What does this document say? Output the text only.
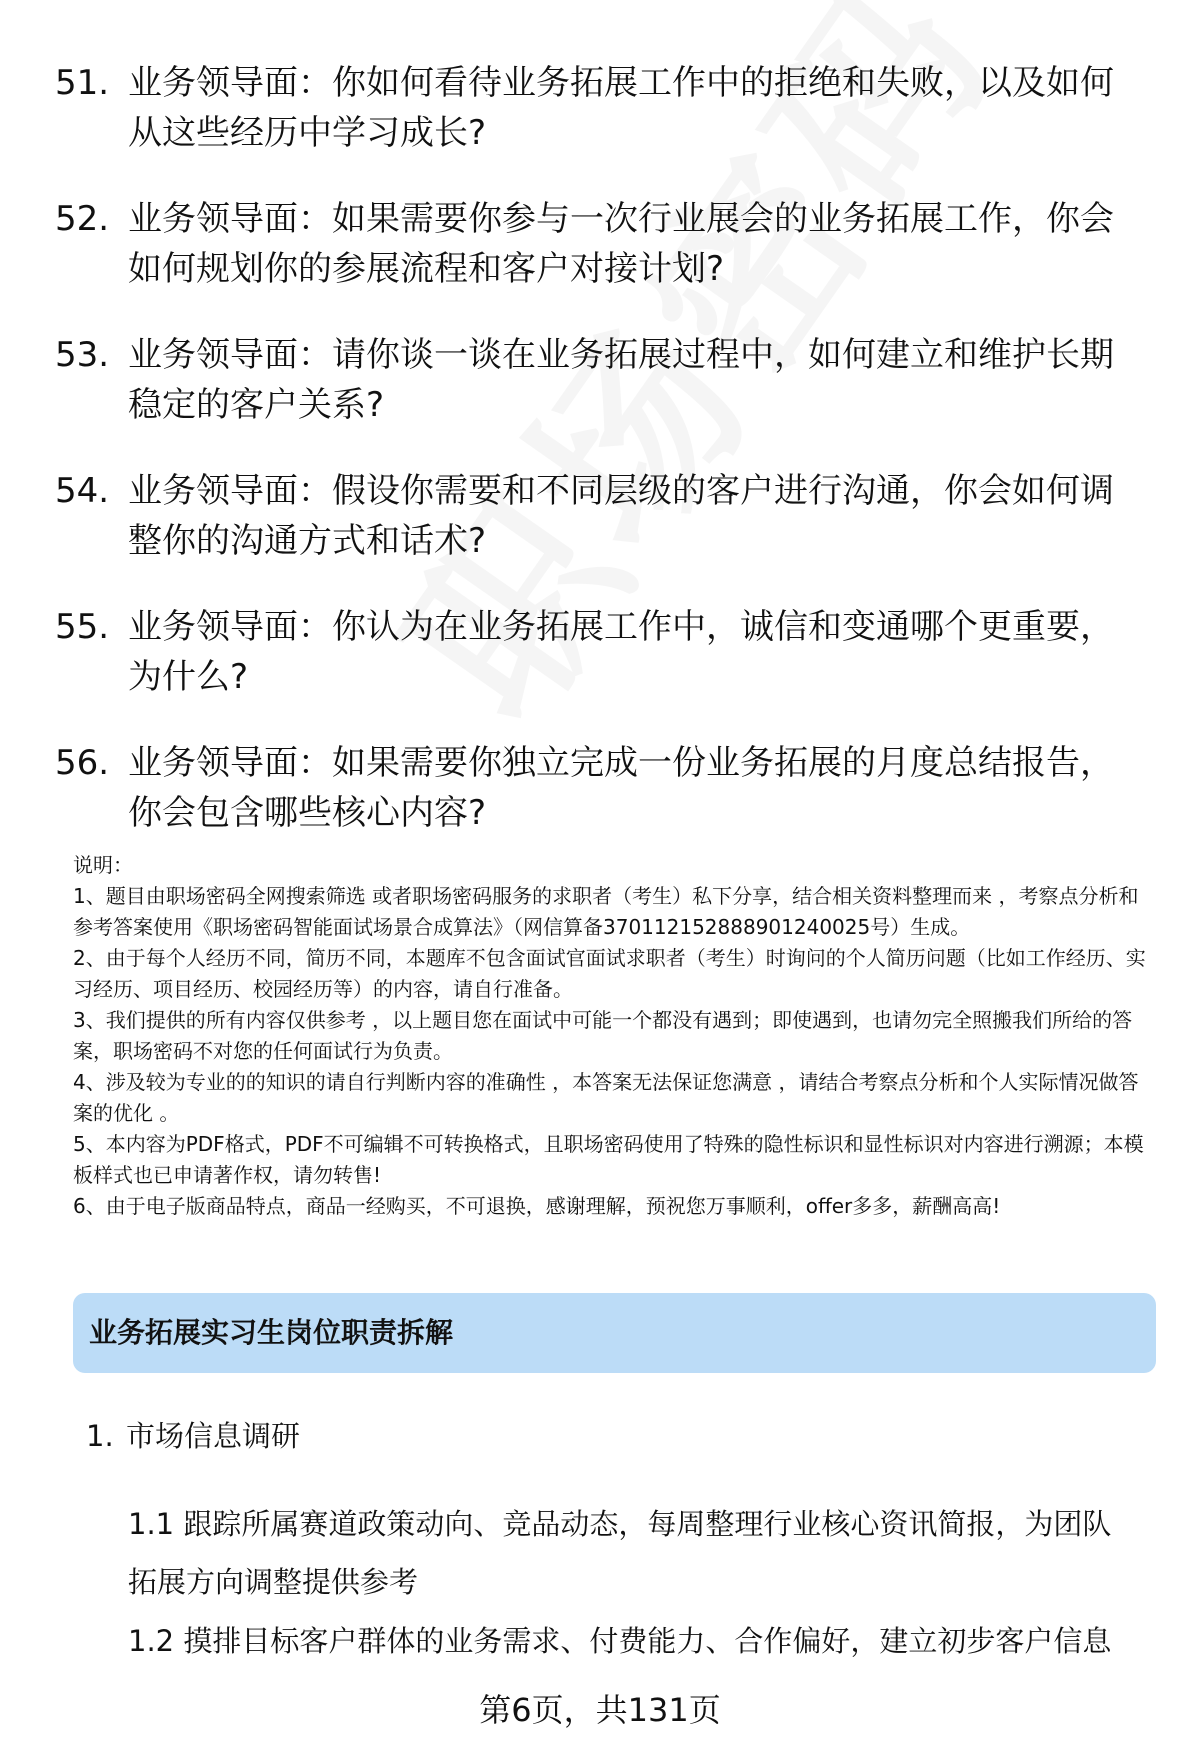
51. 业务领导面：你如何看待业务拓展工作中的拒绝和失败，以及如何从这些经历中学习成长?
52. 业务领导面：如果需要你参与一次行业展会的业务拓展工作，你会如何规划你的参展流程和客户对接计划?
53. 业务领导面：请你谈一谈在业务拓展过程中，如何建立和维护长期稳定的客户关系?
54. 业务领导面：假设你需要和不同层级的客户进行沟通，你会如何调整你的沟通方式和话术?
55. 业务领导面：你认为在业务拓展工作中，诚信和变通哪个更重要，为什么?
56. 业务领导面：如果需要你独立完成一份业务拓展的月度总结报告，你会包含哪些核心内容?

说明：

1、题目由职场密码全网搜索筛选 或者职场密码服务的求职者（考生）私下分享，结合相关资料整理而来 ，考察点分析和参考答案使用《职场密码智能面试场景合成算法》（网信算备370112152888901240025号）生成。

2、由于每个人经历不同，简历不同，本题库不包含面试官面试求职者（考生）时询问的个人简历问题（比如工作经历、实习经历、项目经历、校园经历等）的内容，请自行准备。

3、我们提供的所有内容仅供参考 ，以上题目您在面试中可能一个都没有遇到；即使遇到，也请勿完全照搬我们所给的答案，职场密码不对您的任何面试行为负责。

4、涉及较为专业的的知识的请自行判断内容的准确性 ，本答案无法保证您满意 ，请结合考察点分析和个人实际情况做答案的优化 。

5、本内容为PDF格式，PDF不可编辑不可转换格式，且职场密码使用了特殊的隐性标识和显性标识对内容进行溯源；本模板样式也已申请著作权，请勿转售!

6、由于电子版商品特点，商品一经购买，不可退换，感谢理解，预祝您万事顺利，offer多多，薪酬高高!

业务拓展实习生岗位职责拆解
1. 市场信息调研
1.1 跟踪所属赛道政策动向、竞品动态，每周整理行业核心资讯简报，为团队拓展方向调整提供参考
1.2 摸排目标客户群体的业务需求、付费能力、合作偏好，建立初步客户信息
第6页，共131页
